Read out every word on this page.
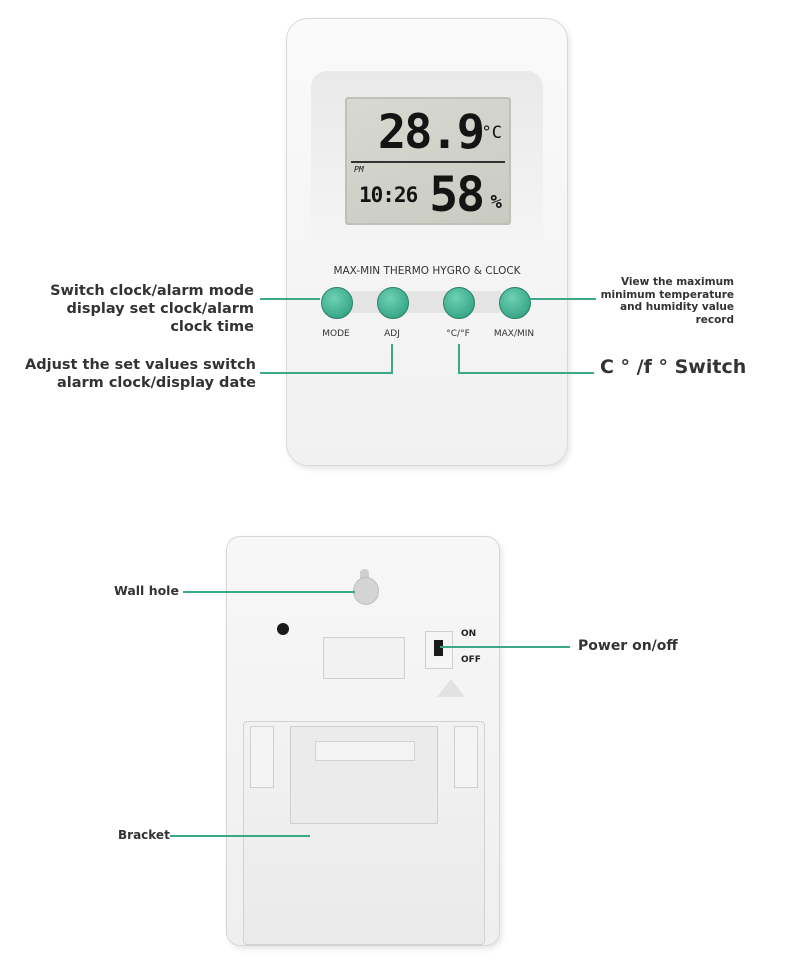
28.9
°C
PM
10:26 58 %
MAX-MIN THERMO HYGRO & CLOCK
MODE	ADJ	°C/°F	MAX/MIN
Switch clock/alarm mode display set clock/alarm clock time
Adjust the set values switch alarm clock/display date
C ° /f ° Switch
View the maximum minimum temperature and humidity value record
ON
OFF
Wall hole
Power on/off
Bracket
